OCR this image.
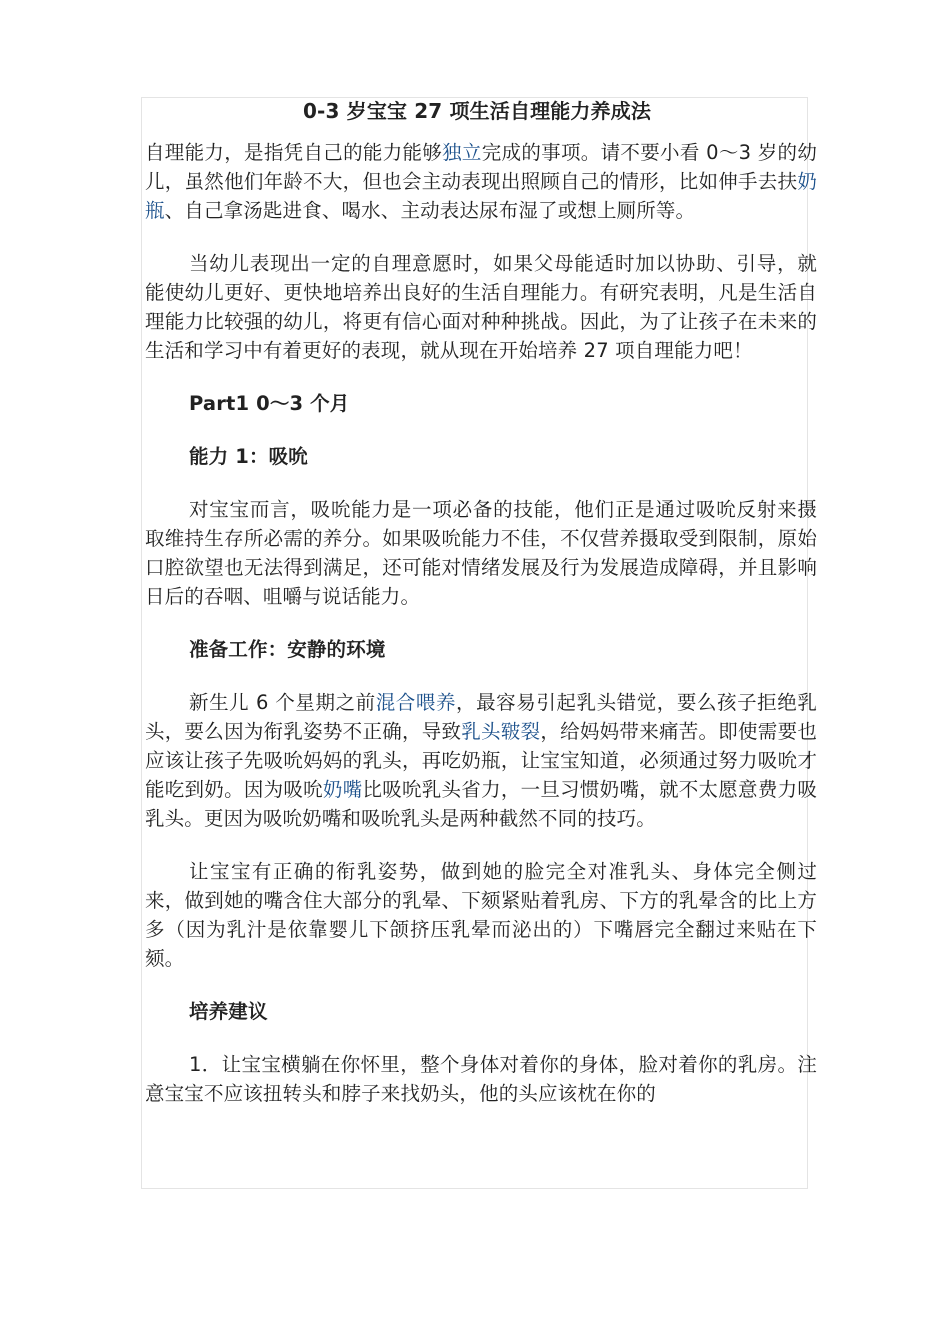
0-3 岁宝宝 27 项生活自理能力养成法

自理能力，是指凭自己的能力能够独立完成的事项。请不要小看 0～3 岁的幼儿，虽然他们年龄不大，但也会主动表现出照顾自己的情形，比如伸手去扶奶瓶、自己拿汤匙进食、喝水、主动表达尿布湿了或想上厕所等。

当幼儿表现出一定的自理意愿时，如果父母能适时加以协助、引导，就能使幼儿更好、更快地培养出良好的生活自理能力。有研究表明，凡是生活自理能力比较强的幼儿，将更有信心面对种种挑战。因此，为了让孩子在未来的生活和学习中有着更好的表现，就从现在开始培养 27 项自理能力吧！

Part1 0～3 个月

能力 1：吸吮

对宝宝而言，吸吮能力是一项必备的技能，他们正是通过吸吮反射来摄取维持生存所必需的养分。如果吸吮能力不佳，不仅营养摄取受到限制，原始口腔欲望也无法得到满足，还可能对情绪发展及行为发展造成障碍，并且影响日后的吞咽、咀嚼与说话能力。

准备工作：安静的环境

新生儿 6 个星期之前混合喂养，最容易引起乳头错觉，要么孩子拒绝乳头，要么因为衔乳姿势不正确，导致乳头皲裂，给妈妈带来痛苦。即使需要也应该让孩子先吸吮妈妈的乳头，再吃奶瓶，让宝宝知道，必须通过努力吸吮才能吃到奶。因为吸吮奶嘴比吸吮乳头省力，一旦习惯奶嘴，就不太愿意费力吸乳头。更因为吸吮奶嘴和吸吮乳头是两种截然不同的技巧。

让宝宝有正确的衔乳姿势，做到她的脸完全对准乳头、身体完全侧过来，做到她的嘴含住大部分的乳晕、下颏紧贴着乳房、下方的乳晕含的比上方多（因为乳汁是依靠婴儿下颌挤压乳晕而泌出的）下嘴唇完全翻过来贴在下颏。

培养建议

1．让宝宝横躺在你怀里，整个身体对着你的身体，脸对着你的乳房。注意宝宝不应该扭转头和脖子来找奶头，他的头应该枕在你的
